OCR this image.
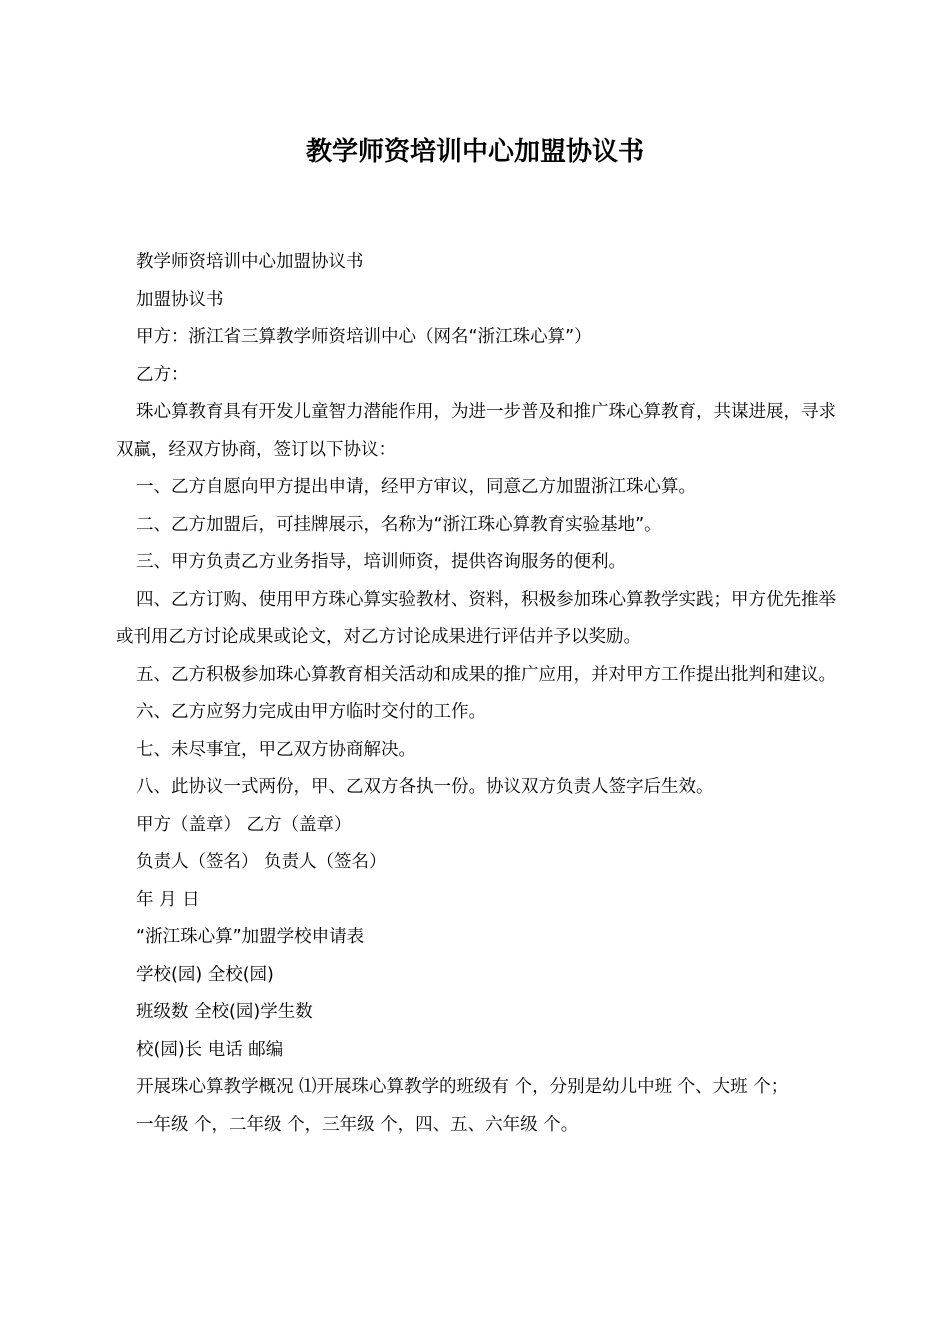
教学师资培训中心加盟协议书

教学师资培训中心加盟协议书

加盟协议书

甲方：浙江省三算教学师资培训中心（网名“浙江珠心算”）

乙方：

珠心算教育具有开发儿童智力潜能作用，为进一步普及和推广珠心算教育，共谋进展，寻求双赢，经双方协商，签订以下协议：

一、乙方自愿向甲方提出申请，经甲方审议，同意乙方加盟浙江珠心算。

二、乙方加盟后，可挂牌展示，名称为“浙江珠心算教育实验基地”。

三、甲方负责乙方业务指导，培训师资，提供咨询服务的便利。

四、乙方订购、使用甲方珠心算实验教材、资料，积极参加珠心算教学实践；甲方优先推举或刊用乙方讨论成果或论文，对乙方讨论成果进行评估并予以奖励。

五、乙方积极参加珠心算教育相关活动和成果的推广应用，并对甲方工作提出批判和建议。

六、乙方应努力完成由甲方临时交付的工作。

七、未尽事宜，甲乙双方协商解决。

八、此协议一式两份，甲、乙双方各执一份。协议双方负责人签字后生效。

甲方（盖章） 乙方（盖章）

负责人（签名） 负责人（签名）

年 月 日

“浙江珠心算”加盟学校申请表

学校(园) 全校(园)

班级数 全校(园)学生数

校(园)长 电话 邮编

开展珠心算教学概况 ⑴开展珠心算教学的班级有 个，分别是幼儿中班 个、大班 个；

一年级 个，二年级 个，三年级 个，四、五、六年级 个。
